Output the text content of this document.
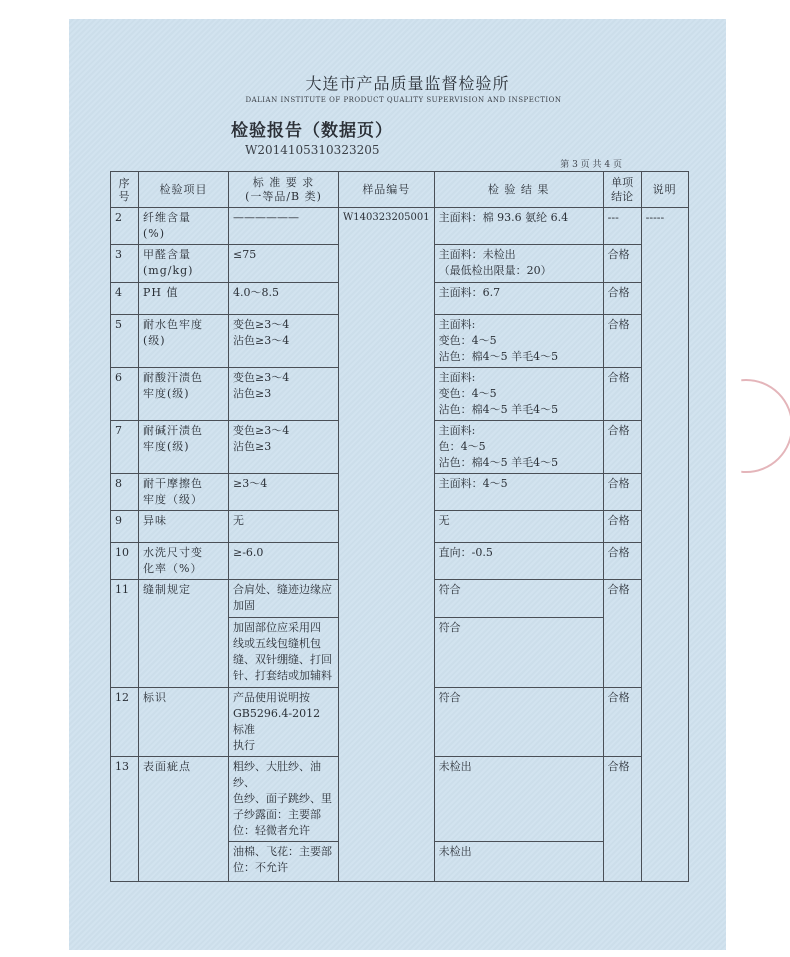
大连市产品质量监督检验所
DALIAN INSTITUTE OF PRODUCT QUALITY SUPERVISION AND INSPECTION
检验报告（数据页）
W2014105310323205
第 3 页 共 4 页
序号	检验项目	标 准 要 求
(一等品/B 类)	样品编号	检 验 结 果	单项结论	说明
2	纤维含量
(%)	——————	W140323205001	主面料：棉 93.6 氨纶 6.4	---	-----
3	甲醛含量
(mg/kg)	≤75		主面料：未检出
（最低检出限量：20）	合格	
4	PH 值	4.0～8.5		主面料：6.7	合格	
5	耐水色牢度
(级)	变色≥3～4
沾色≥3～4		主面料:
变色：4～5
沾色：棉4～5 羊毛4～5	合格	
6	耐酸汗渍色
牢度(级)	变色≥3～4
沾色≥3		主面料:
变色：4～5
沾色：棉4～5 羊毛4～5	合格	
7	耐碱汗渍色
牢度(级)	变色≥3～4
沾色≥3		主面料:
色：4～5
沾色：棉4～5 羊毛4～5	合格	
8	耐干摩擦色
牢度（级）	≥3～4		主面料：4～5	合格	
9	异味	无		无	合格	
10	水洗尺寸变
化率（%）	≥-6.0		直向：-0.5	合格	
11	缝制规定	合肩处、缝迹边缘应
加固		符合	合格	
		加固部位应采用四
线或五线包缝机包
缝、双针绷缝、打回
针、打套结或加辅料		符合		
12	标识	产品使用说明按
GB5296.4-2012 标准
执行		符合	合格	
13	表面疵点	粗纱、大肚纱、油纱、
色纱、面子跳纱、里
子纱露面：主要部
位：轻微者允许		未检出	合格	
		油棉、飞花：主要部
位：不允许		未检出		
